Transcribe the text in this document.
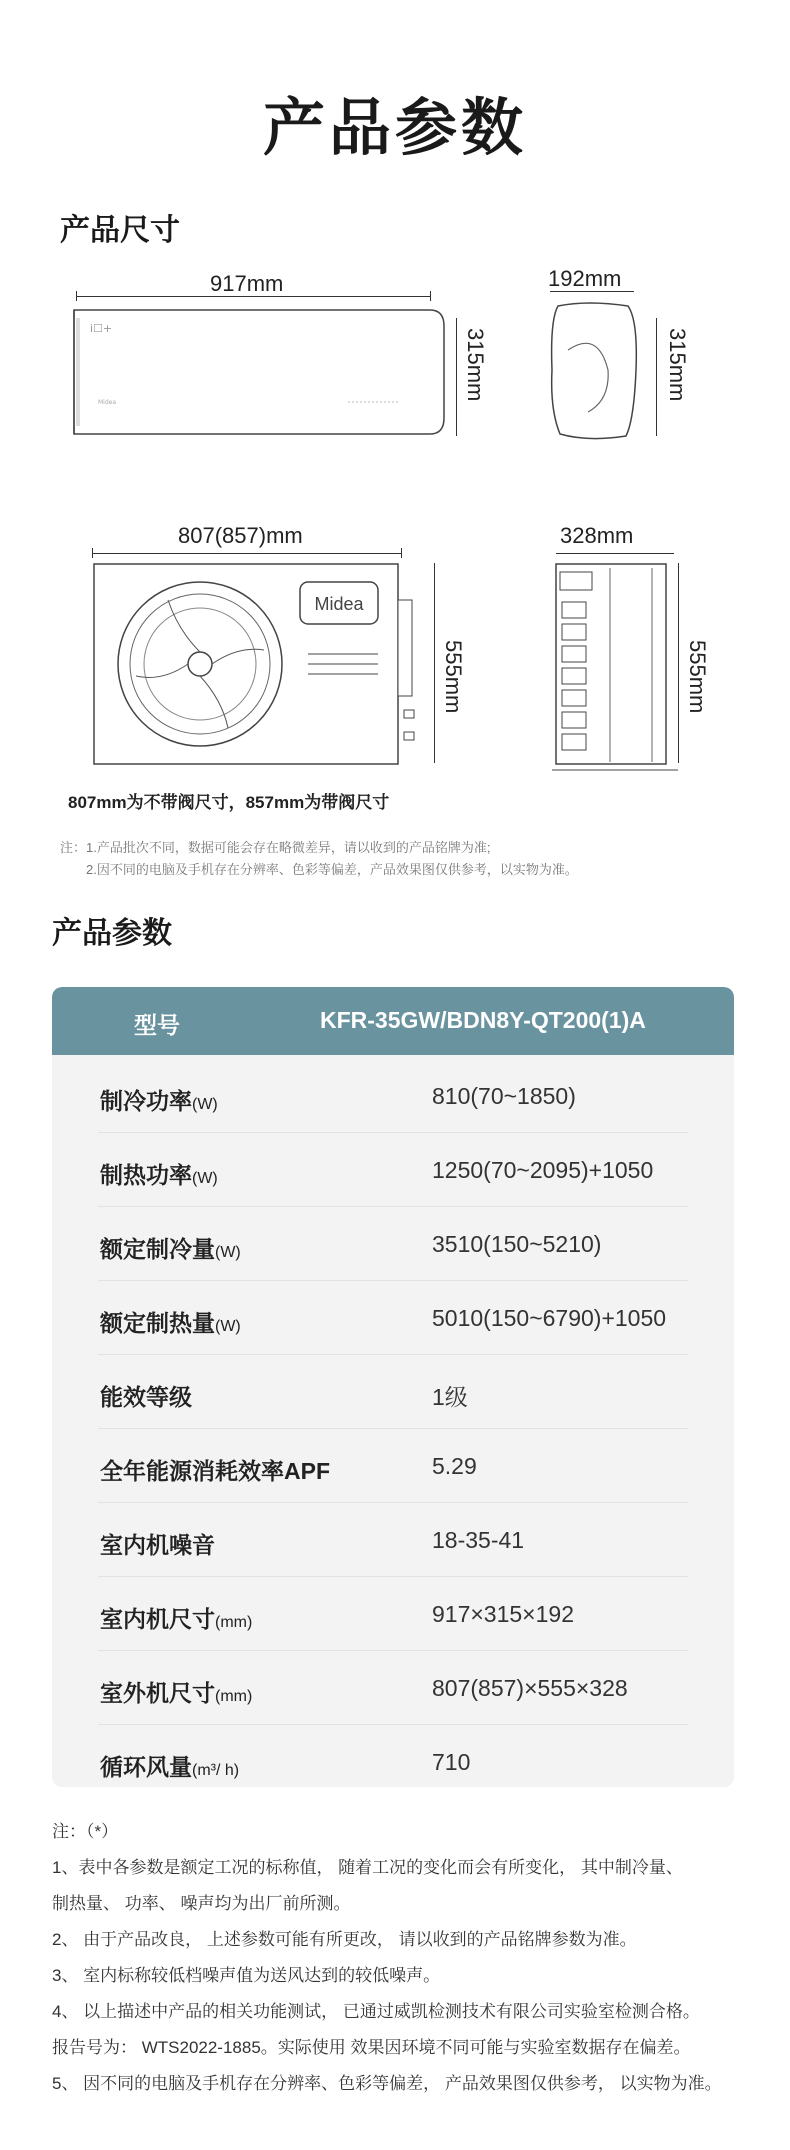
产品参数
产品尺寸
917mm
i☐+
Midea
315mm
192mm
315mm
807(857)mm
Midea
555mm
328mm
555mm
807mm为不带阀尺寸，857mm为带阀尺寸
注：1.产品批次不同，数据可能会存在略微差异，请以收到的产品铭牌为准;
2.因不同的电脑及手机存在分辨率、色彩等偏差，产品效果图仅供参考，以实物为准。
产品参数
型号	KFR-35GW/BDN8Y-QT200(1)A
制冷功率(W)	810(70~1850)
制热功率(W)	1250(70~2095)+1050
额定制冷量(W)	3510(150~5210)
额定制热量(W)	5010(150~6790)+1050
能效等级	1级
全年能源消耗效率APF	5.29
室内机噪音	18-35-41
室内机尺寸(mm)	917×315×192
室外机尺寸(mm)	807(857)×555×328
循环风量(m³/ h)	710
注：（*）
1、表中各参数是额定工况的标称值， 随着工况的变化而会有所变化， 其中制冷量、
制热量、 功率、 噪声均为出厂前所测。
2、 由于产品改良， 上述参数可能有所更改， 请以收到的产品铭牌参数为准。
3、 室内标称较低档噪声值为送风达到的较低噪声。
4、 以上描述中产品的相关功能测试， 已通过威凯检测技术有限公司实验室检测合格。
报告号为： WTS2022-1885。实际使用 效果因环境不同可能与实验室数据存在偏差。
5、 因不同的电脑及手机存在分辨率、色彩等偏差， 产品效果图仅供参考， 以实物为准。
